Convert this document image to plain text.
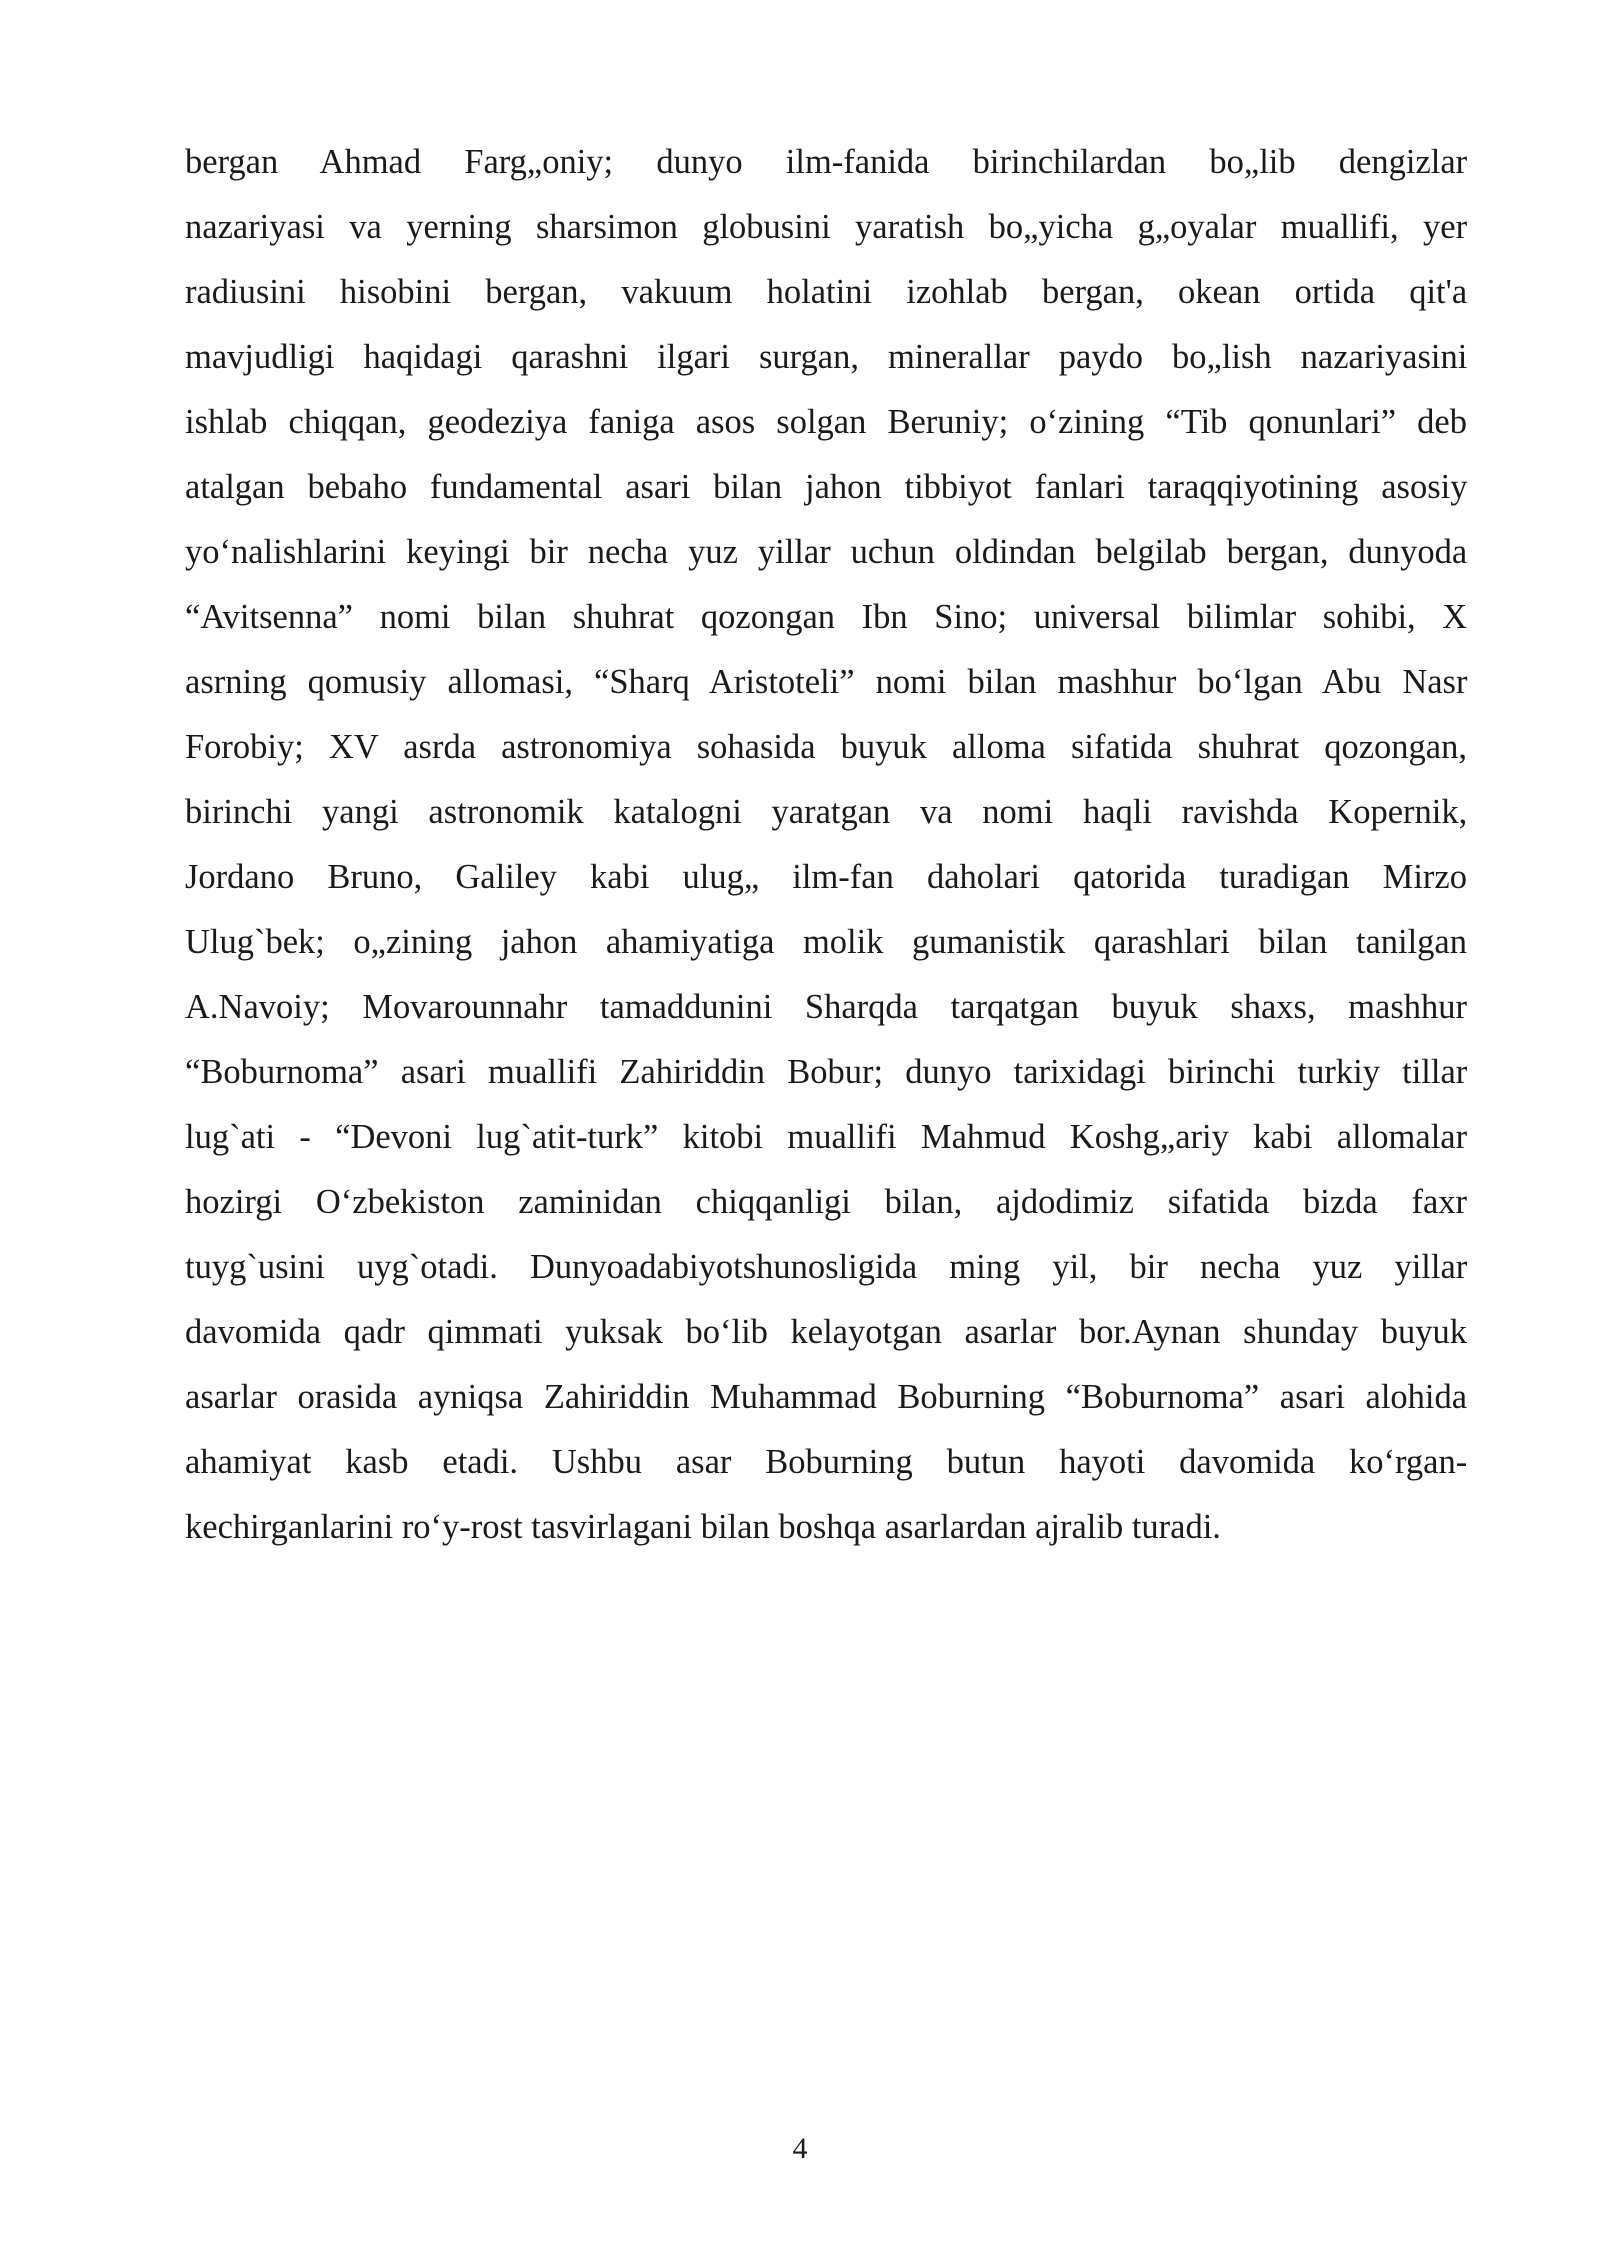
bergan Ahmad Farg„oniy; dunyo ilm-fanida birinchilardan bo„lib dengizlar
nazariyasi va yerning sharsimon globusini yaratish bo„yicha g„oyalar muallifi, yer
radiusini hisobini bergan, vakuum holatini izohlab bergan, okean ortida qit'a
mavjudligi haqidagi qarashni ilgari surgan, minerallar paydo bo„lish nazariyasini
ishlab chiqqan, geodeziya faniga asos solgan Beruniy; o‘zining “Tib qonunlari” deb
atalgan bebaho fundamental asari bilan jahon tibbiyot fanlari taraqqiyotining asosiy
yo‘nalishlarini keyingi bir necha yuz yillar uchun oldindan belgilab bergan, dunyoda
“Avitsenna” nomi bilan shuhrat qozongan Ibn Sino; universal bilimlar sohibi, X
asrning qomusiy allomasi, “Sharq Aristoteli” nomi bilan mashhur bo‘lgan Abu Nasr
Forobiy; XV asrda astronomiya sohasida buyuk alloma sifatida shuhrat qozongan,
birinchi yangi astronomik katalogni yaratgan va nomi haqli ravishda Kopernik,
Jordano Bruno, Galiley kabi ulug„ ilm-fan daholari qatorida turadigan Mirzo
Ulug`bek; o„zining jahon ahamiyatiga molik gumanistik qarashlari bilan tanilgan
A.Navoiy; Movarounnahr tamaddunini Sharqda tarqatgan buyuk shaxs, mashhur
“Boburnoma” asari muallifi Zahiriddin Bobur; dunyo tarixidagi birinchi turkiy tillar
lug`ati - “Devoni lug`atit-turk” kitobi muallifi Mahmud Koshg„ariy kabi allomalar
hozirgi O‘zbekiston zaminidan chiqqanligi bilan, ajdodimiz sifatida bizda faxr
tuyg`usini uyg`otadi. Dunyoadabiyotshunosligida ming yil, bir necha yuz yillar
davomida qadr qimmati yuksak bo‘lib kelayotgan asarlar bor.Aynan shunday buyuk
asarlar orasida ayniqsa Zahiriddin Muhammad Boburning “Boburnoma” asari alohida
ahamiyat kasb etadi. Ushbu asar Boburning butun hayoti davomida ko‘rgan-
kechirganlarini ro‘y-rost tasvirlagani bilan boshqa asarlardan ajralib turadi.
4
